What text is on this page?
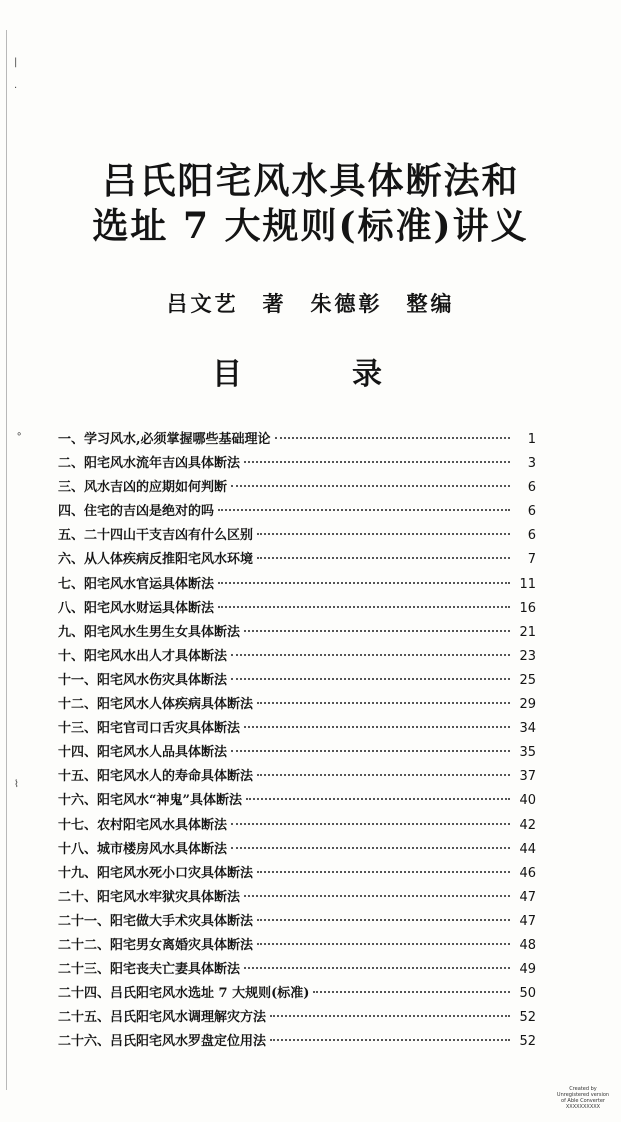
|
·
∘
⌇
吕氏阳宅风水具体断法和
选址 7 大规则(标准)讲义
吕文艺　著　朱德彰　整编
目	录
一、学习风水,必须掌握哪些基础理论	1
二、阳宅风水流年吉凶具体断法	3
三、风水吉凶的应期如何判断	6
四、住宅的吉凶是绝对的吗	6
五、二十四山干支吉凶有什么区别	6
六、从人体疾病反推阳宅风水环境	7
七、阳宅风水官运具体断法	11
八、阳宅风水财运具体断法	16
九、阳宅风水生男生女具体断法	21
十、阳宅风水出人才具体断法	23
十一、阳宅风水伤灾具体断法	25
十二、阳宅风水人体疾病具体断法	29
十三、阳宅官司口舌灾具体断法	34
十四、阳宅风水人品具体断法	35
十五、阳宅风水人的寿命具体断法	37
十六、阳宅风水“神鬼”具体断法	40
十七、农村阳宅风水具体断法	42
十八、城市楼房风水具体断法	44
十九、阳宅风水死小口灾具体断法	46
二十、阳宅风水牢狱灾具体断法	47
二十一、阳宅做大手术灾具体断法	47
二十二、阳宅男女离婚灾具体断法	48
二十三、阳宅丧夫亡妻具体断法	49
二十四、吕氏阳宅风水选址 7 大规则(标准)	50
二十五、吕氏阳宅风水调理解灾方法	52
二十六、吕氏阳宅风水罗盘定位用法	52
Created by
Unregistered version
of Able Converter
XXXXXXXXXX
